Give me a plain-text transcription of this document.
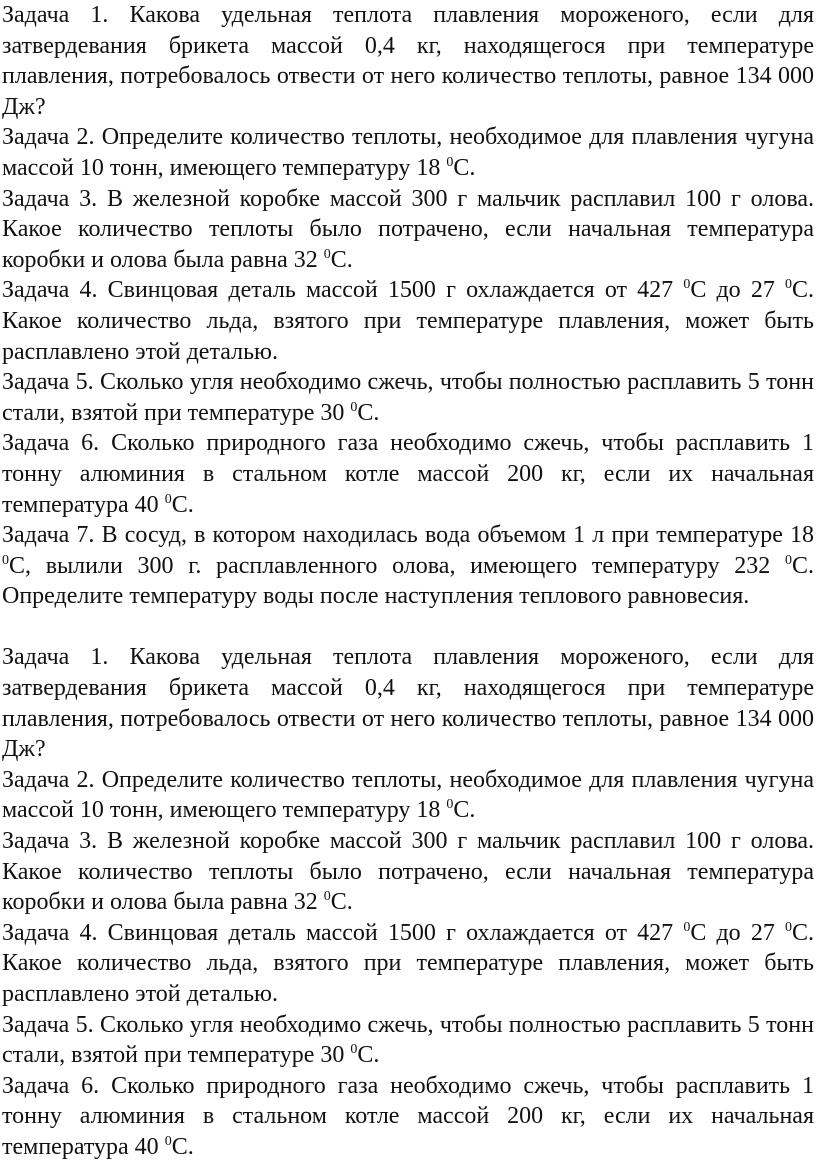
Задача 1. Какова удельная теплота плавления мороженого, если для затвердевания брикета массой 0,4 кг, находящегося при температуре плавления, потребовалось отвести от него количество теплоты, равное 134 000 Дж?

Задача 2. Определите количество теплоты, необходимое для плавления чугуна массой 10 тонн, имеющего температуру 18 $^0$С.

Задача 3. В железной коробке массой 300 г мальчик расплавил 100 г олова. Какое количество теплоты было потрачено, если начальная температура коробки и олова была равна 32 $^0$С.

Задача 4. Свинцовая деталь массой 1500 г охлаждается от 427 $^0$С до 27 $^0$С. Какое количество льда, взятого при температуре плавления, может быть расплавлено этой деталью.

Задача 5. Сколько угля необходимо сжечь, чтобы полностью расплавить 5 тонн стали, взятой при температуре 30 $^0$С.

Задача 6. Сколько природного газа необходимо сжечь, чтобы расплавить 1 тонну алюминия в стальном котле массой 200 кг, если их начальная температура 40 $^0$С.

Задача 7. В сосуд, в котором находилась вода объемом 1 л при температуре 18 $^0$С, вылили 300 г. расплавленного олова, имеющего температуру 232 $^0$С. Определите температуру воды после наступления теплового равновесия.

Задача 1. Какова удельная теплота плавления мороженого, если для затвердевания брикета массой 0,4 кг, находящегося при температуре плавления, потребовалось отвести от него количество теплоты, равное 134 000 Дж?

Задача 2. Определите количество теплоты, необходимое для плавления чугуна массой 10 тонн, имеющего температуру 18 $^0$С.

Задача 3. В железной коробке массой 300 г мальчик расплавил 100 г олова. Какое количество теплоты было потрачено, если начальная температура коробки и олова была равна 32 $^0$С.

Задача 4. Свинцовая деталь массой 1500 г охлаждается от 427 $^0$С до 27 $^0$С. Какое количество льда, взятого при температуре плавления, может быть расплавлено этой деталью.

Задача 5. Сколько угля необходимо сжечь, чтобы полностью расплавить 5 тонн стали, взятой при температуре 30 $^0$С.

Задача 6. Сколько природного газа необходимо сжечь, чтобы расплавить 1 тонну алюминия в стальном котле массой 200 кг, если их начальная температура 40 $^0$С.
